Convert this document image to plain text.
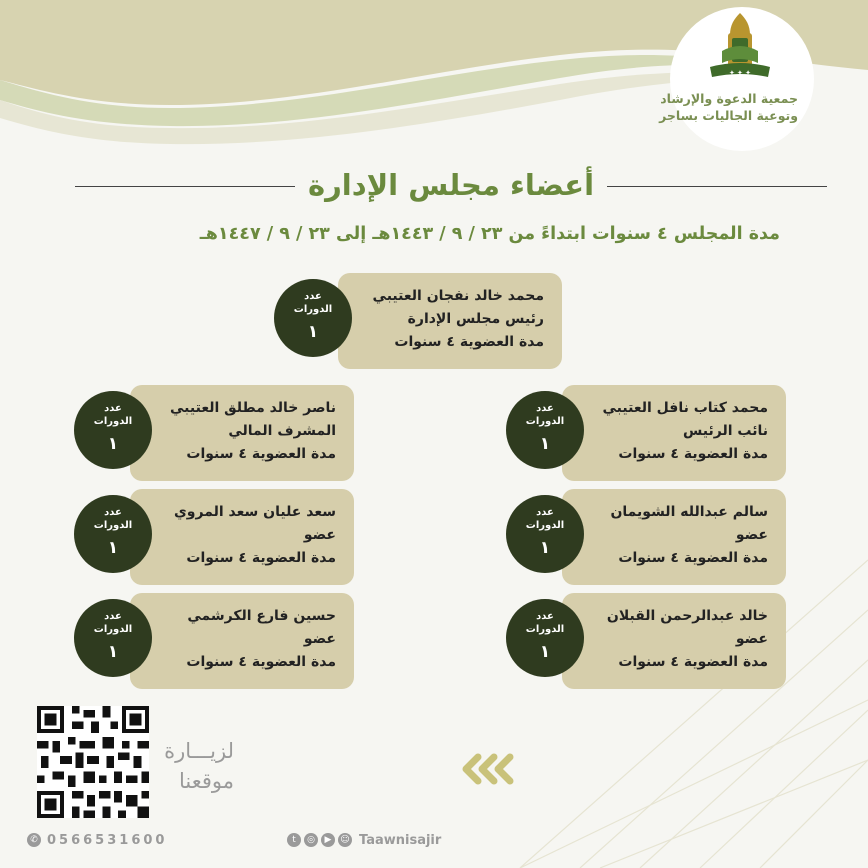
✦ ✦ ✦
جمعية الدعوة والإرشاد
وتوعية الجاليات بساجر
أعضاء مجلس الإدارة
مدة المجلس ٤ سنوات ابتداءً من ٢٣ / ٩ / ١٤٤٣هـ إلى ٢٣ / ٩ / ١٤٤٧هـ
محمد خالد نفجان العتيبي
رئيس مجلس الإدارة
مدة العضوية ٤ سنوات
عدد
الدورات
١
محمد كتاب نافل العتيبي
نائب الرئيس
مدة العضوية ٤ سنوات
عدد
الدورات
١
ناصر خالد مطلق العتيبي
المشرف المالي
مدة العضوية ٤ سنوات
عدد
الدورات
١
سالم عبدالله الشويمان
عضو
مدة العضوية ٤ سنوات
عدد
الدورات
١
سعد عليان سعد المروي
عضو
مدة العضوية ٤ سنوات
عدد
الدورات
١
خالد عبدالرحمن القبلان
عضو
مدة العضوية ٤ سنوات
عدد
الدورات
١
حسين فارع الكرشمي
عضو
مدة العضوية ٤ سنوات
عدد
الدورات
١
لزيـــارة
موقعنا
✆ 0566531600	t	◎	▶ ☺ Taawnisajir
